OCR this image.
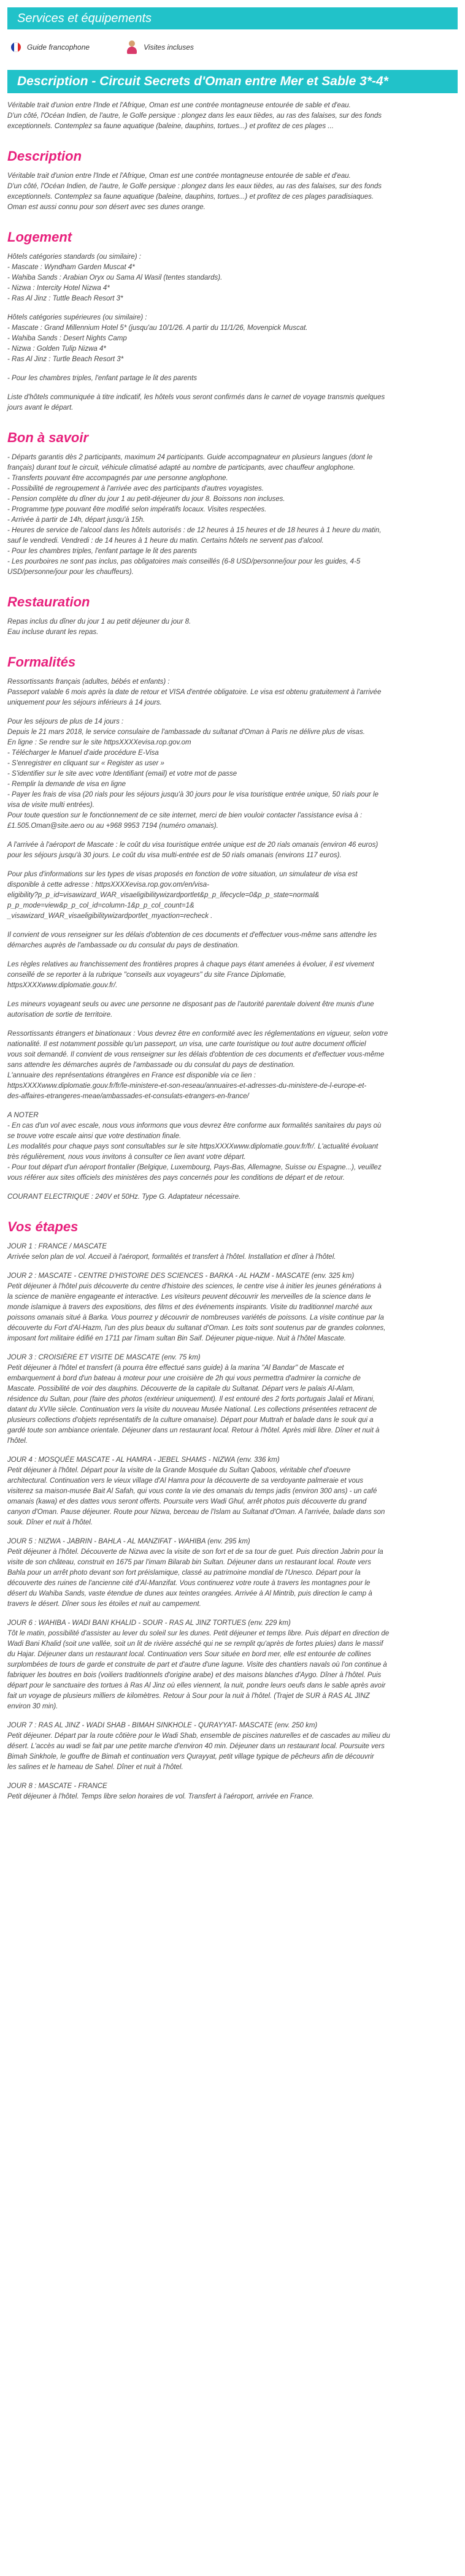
Services et équipements
Guide francophone	Visites incluses
Description - Circuit Secrets d'Oman entre Mer et Sable 3*-4*

Véritable trait d'union entre l'Inde et l'Afrique, Oman est une contrée montagneuse entourée de sable et d'eau.

D'un côté, l'Océan Indien, de l'autre, le Golfe persique : plongez dans les eaux tièdes, au ras des falaises, sur des fonds

exceptionnels. Contemplez sa faune aquatique (baleine, dauphins, tortues...) et profitez de ces plages ...

Description

Véritable trait d'union entre l'Inde et l'Afrique, Oman est une contrée montagneuse entourée de sable et d'eau.

D'un côté, l'Océan Indien, de l'autre, le Golfe persique : plongez dans les eaux tièdes, au ras des falaises, sur des fonds

exceptionnels. Contemplez sa faune aquatique (baleine, dauphins, tortues...) et profitez de ces plages paradisiaques.

Oman est aussi connu pour son désert avec ses dunes orange.

Logement

Hôtels catégories standards (ou similaire) :

- Mascate : Wyndham Garden Muscat 4*

- Wahiba Sands : Arabian Oryx ou Sama Al Wasil (tentes standards).

- Nizwa : Intercity Hotel Nizwa 4*

- Ras Al Jinz : Tuttle Beach Resort 3*

Hôtels catégories supérieures (ou similaire) :

- Mascate : Grand Millennium Hotel 5* (jusqu'au 10/1/26. A partir du 11/1/26, Movenpick Muscat.

- Wahiba Sands : Desert Nights Camp

- Nizwa : Golden Tulip Nizwa 4*

- Ras Al Jinz : Turtle Beach Resort 3*

- Pour les chambres triples, l'enfant partage le lit des parents

Liste d'hôtels communiquée à titre indicatif, les hôtels vous seront confirmés dans le carnet de voyage transmis quelques

jours avant le départ.

Bon à savoir

- Départs garantis dès 2 participants, maximum 24 participants. Guide accompagnateur en plusieurs langues (dont le

français) durant tout le circuit, véhicule climatisé adapté au nombre de participants, avec chauffeur anglophone.

- Transferts pouvant être accompagnés par une personne anglophone.

- Possibilité de regroupement à l'arrivée avec des participants d'autres voyagistes.

- Pension complète du dîner du jour 1 au petit-déjeuner du jour 8. Boissons non incluses.

- Programme type pouvant être modifié selon impératifs locaux. Visites respectées.

- Arrivée à partir de 14h, départ jusqu'à 15h.

- Heures de service de l'alcool dans les hôtels autorisés : de 12 heures à 15 heures et de 18 heures à 1 heure du matin,

sauf le vendredi. Vendredi : de 14 heures à 1 heure du matin. Certains hôtels ne servent pas d'alcool.

- Pour les chambres triples, l'enfant partage le lit des parents

- Les pourboires ne sont pas inclus, pas obligatoires mais conseillés (6-8 USD/personne/jour pour les guides, 4-5

USD/personne/jour pour les chauffeurs).

Restauration

Repas inclus du dîner du jour 1 au petit déjeuner du jour 8.

Eau incluse durant les repas.

Formalités

Ressortissants français (adultes, bébés et enfants) :

Passeport valable 6 mois après la date de retour et VISA d'entrée obligatoire. Le visa est obtenu gratuitement à l'arrivée

uniquement pour les séjours inférieurs à 14 jours.

Pour les séjours de plus de 14 jours :

Depuis le 21 mars 2018, le service consulaire de l'ambassade du sultanat d'Oman à Paris ne délivre plus de visas.

En ligne : Se rendre sur le site httpsXXXXevisa.rop.gov.om

- Télécharger le Manuel d'aide procédure E-Visa

- S'enregistrer en cliquant sur « Register as user »

- S'identifier sur le site avec votre Identifiant (email) et votre mot de passe

- Remplir la demande de visa en ligne

- Payer les frais de visa (20 rials pour les séjours jusqu'à 30 jours pour le visa touristique entrée unique, 50 rials pour le

visa de visite multi entrées).

Pour toute question sur le fonctionnement de ce site internet, merci de bien vouloir contacter l'assistance evisa à :

£1.505.Oman@site.aero ou au +968 9953 7194 (numéro omanais).

A l'arrivée à l'aéroport de Mascate : le coût du visa touristique entrée unique est de 20 rials omanais (environ 46 euros)

pour les séjours jusqu'à 30 jours. Le coût du visa multi-entrée est de 50 rials omanais (environs 117 euros).

Pour plus d'informations sur les types de visas proposés en fonction de votre situation, un simulateur de visa est

disponible à cette adresse : httpsXXXXevisa.rop.gov.om/en/visa-

eligibility?p_p_id=visawizard_WAR_visaeligibilitywizardportlet&p_p_lifecycle=0&p_p_state=normal&

p_p_mode=view&p_p_col_id=column-1&p_p_col_count=1&

_visawizard_WAR_visaeligibilitywizardportlet_myaction=recheck .

Il convient de vous renseigner sur les délais d'obtention de ces documents et d'effectuer vous-même sans attendre les

démarches auprès de l'ambassade ou du consulat du pays de destination.

Les règles relatives au franchissement des frontières propres à chaque pays étant amenées à évoluer, il est vivement

conseillé de se reporter à la rubrique "conseils aux voyageurs" du site France Diplomatie,

httpsXXXXwww.diplomatie.gouv.fr/.

Les mineurs voyageant seuls ou avec une personne ne disposant pas de l'autorité parentale doivent être munis d'une

autorisation de sortie de territoire.

Ressortissants étrangers et binationaux : Vous devrez être en conformité avec les réglementations en vigueur, selon votre

nationalité. Il est notamment possible qu'un passeport, un visa, une carte touristique ou tout autre document officiel

vous soit demandé. Il convient de vous renseigner sur les délais d'obtention de ces documents et d'effectuer vous-même

sans attendre les démarches auprès de l'ambassade ou du consulat du pays de destination.

L'annuaire des représentations étrangères en France est disponible via ce lien :

httpsXXXXwww.diplomatie.gouv.fr/fr/le-ministere-et-son-reseau/annuaires-et-adresses-du-ministere-de-l-europe-et-

des-affaires-etrangeres-meae/ambassades-et-consulats-etrangers-en-france/

A NOTER

- En cas d'un vol avec escale, nous vous informons que vous devrez être conforme aux formalités sanitaires du pays où

se trouve votre escale ainsi que votre destination finale.

Les modalités pour chaque pays sont consultables sur le site httpsXXXXwww.diplomatie.gouv.fr/fr/. L'actualité évoluant

très régulièrement, nous vous invitons à consulter ce lien avant votre départ.

- Pour tout départ d'un aéroport frontalier (Belgique, Luxembourg, Pays-Bas, Allemagne, Suisse ou Espagne...), veuillez

vous référer aux sites officiels des ministères des pays concernés pour les conditions de départ et de retour.

COURANT ELECTRIQUE : 240V et 50Hz. Type G. Adaptateur nécessaire.

Vos étapes

JOUR 1 : FRANCE / MASCATE

Arrivée selon plan de vol. Accueil à l'aéroport, formalités et transfert à l'hôtel. Installation et dîner à l'hôtel.

JOUR 2 : MASCATE - CENTRE D'HISTOIRE DES SCIENCES - BARKA - AL HAZM - MASCATE (env. 325 km)

Petit déjeuner à l'hôtel puis découverte du centre d'histoire des sciences, le centre vise à initier les jeunes générations à

la science de manière engageante et interactive. Les visiteurs peuvent découvrir les merveilles de la science dans le

monde islamique à travers des expositions, des films et des événements inspirants. Visite du traditionnel marché aux

poissons omanais situé à Barka. Vous pourrez y découvrir de nombreuses variétés de poissons. La visite continue par la

découverte du Fort d'Al-Hazm, l'un des plus beaux du sultanat d'Oman. Les toits sont soutenus par de grandes colonnes,

imposant fort militaire édifié en 1711 par l'imam sultan Bin Saif. Déjeuner pique-nique. Nuit à l'hôtel Mascate.

JOUR 3 : CROISIÈRE ET VISITE DE MASCATE (env. 75 km)

Petit déjeuner à l'hôtel et transfert (à pourra être effectué sans guide) à la marina "Al Bandar" de Mascate et

embarquement à bord d'un bateau à moteur pour une croisière de 2h qui vous permettra d'admirer la corniche de

Mascate. Possibilité de voir des dauphins. Découverte de la capitale du Sultanat. Départ vers le palais Al-Alam,

résidence du Sultan, pour (faire des photos (extérieur uniquement). Il est entouré des 2 forts portugais Jalali et Mirani,

datant du XVIIe siècle. Continuation vers la visite du nouveau Musée National. Les collections présentées retracent de

plusieurs collections d'objets représentatifs de la culture omanaise). Départ pour Muttrah et balade dans le souk qui a

gardé toute son ambiance orientale. Déjeuner dans un restaurant local. Retour à l'hôtel. Après midi libre. Dîner et nuit à

l'hôtel.

JOUR 4 : MOSQUÉE MASCATE - AL HAMRA - JEBEL SHAMS - NIZWA (env. 336 km)

Petit déjeuner à l'hôtel. Départ pour la visite de la Grande Mosquée du Sultan Qaboos, véritable chef d'oeuvre

architectural. Continuation vers le vieux village d'Al Hamra pour la découverte de sa verdoyante palmeraie et vous

visiterez sa maison-musée Bait Al Safah, qui vous conte la vie des omanais du temps jadis (environ 300 ans) - un café

omanais (kawa) et des dattes vous seront offerts. Poursuite vers Wadi Ghul, arrêt photos puis découverte du grand

canyon d'Oman. Pause déjeuner. Route pour Nizwa, berceau de l'Islam au Sultanat d'Oman. A l'arrivée, balade dans son

souk. Dîner et nuit à l'hôtel.

JOUR 5 : NIZWA - JABRIN - BAHLA - AL MANZIFAT - WAHIBA (env. 295 km)

Petit déjeuner à l'hôtel. Découverte de Nizwa avec la visite de son fort et de sa tour de guet. Puis direction Jabrin pour la

visite de son château, construit en 1675 par l'imam Bilarab bin Sultan. Déjeuner dans un restaurant local. Route vers

Bahla pour un arrêt photo devant son fort préislamique, classé au patrimoine mondial de l'Unesco. Départ pour la

découverte des ruines de l'ancienne cité d'Al-Manzifat. Vous continuerez votre route à travers les montagnes pour le

désert du Wahiba Sands, vaste étendue de dunes aux teintes orangées. Arrivée à Al Mintrib, puis direction le camp à

travers le désert. Dîner sous les étoiles et nuit au campement.

JOUR 6 : WAHIBA - WADI BANI KHALID - SOUR - RAS AL JINZ TORTUES (env. 229 km)

Tôt le matin, possibilité d'assister au lever du soleil sur les dunes. Petit déjeuner et temps libre. Puis départ en direction de

Wadi Bani Khalid (soit une vallée, soit un lit de rivière asséché qui ne se remplit qu'après de fortes pluies) dans le massif

du Hajar. Déjeuner dans un restaurant local. Continuation vers Sour située en bord mer, elle est entourée de collines

surplombées de tours de garde et construite de part et d'autre d'une lagune. Visite des chantiers navals où l'on continue à

fabriquer les boutres en bois (voiliers traditionnels d'origine arabe) et des maisons blanches d'Aygo. Dîner à l'hôtel. Puis

départ pour le sanctuaire des tortues à Ras Al Jinz où elles viennent, la nuit, pondre leurs oeufs dans le sable après avoir

fait un voyage de plusieurs milliers de kilomètres. Retour à Sour pour la nuit à l'hôtel. (Trajet de SUR à RAS AL JINZ

environ 30 min).

JOUR 7 : RAS AL JINZ - WADI SHAB - BIMAH SINKHOLE - QURAYYAT- MASCATE (env. 250 km)

Petit déjeuner. Départ par la route côtière pour le Wadi Shab, ensemble de piscines naturelles et de cascades au milieu du

désert. L'accès au wadi se fait par une petite marche d'environ 40 min. Déjeuner dans un restaurant local. Poursuite vers

Bimah Sinkhole, le gouffre de Bimah et continuation vers Qurayyat, petit village typique de pêcheurs afin de découvrir

les salines et le hameau de Sahel. Dîner et nuit à l'hôtel.

JOUR 8 : MASCATE - FRANCE

Petit déjeuner à l'hôtel. Temps libre selon horaires de vol. Transfert à l'aéroport, arrivée en France.
